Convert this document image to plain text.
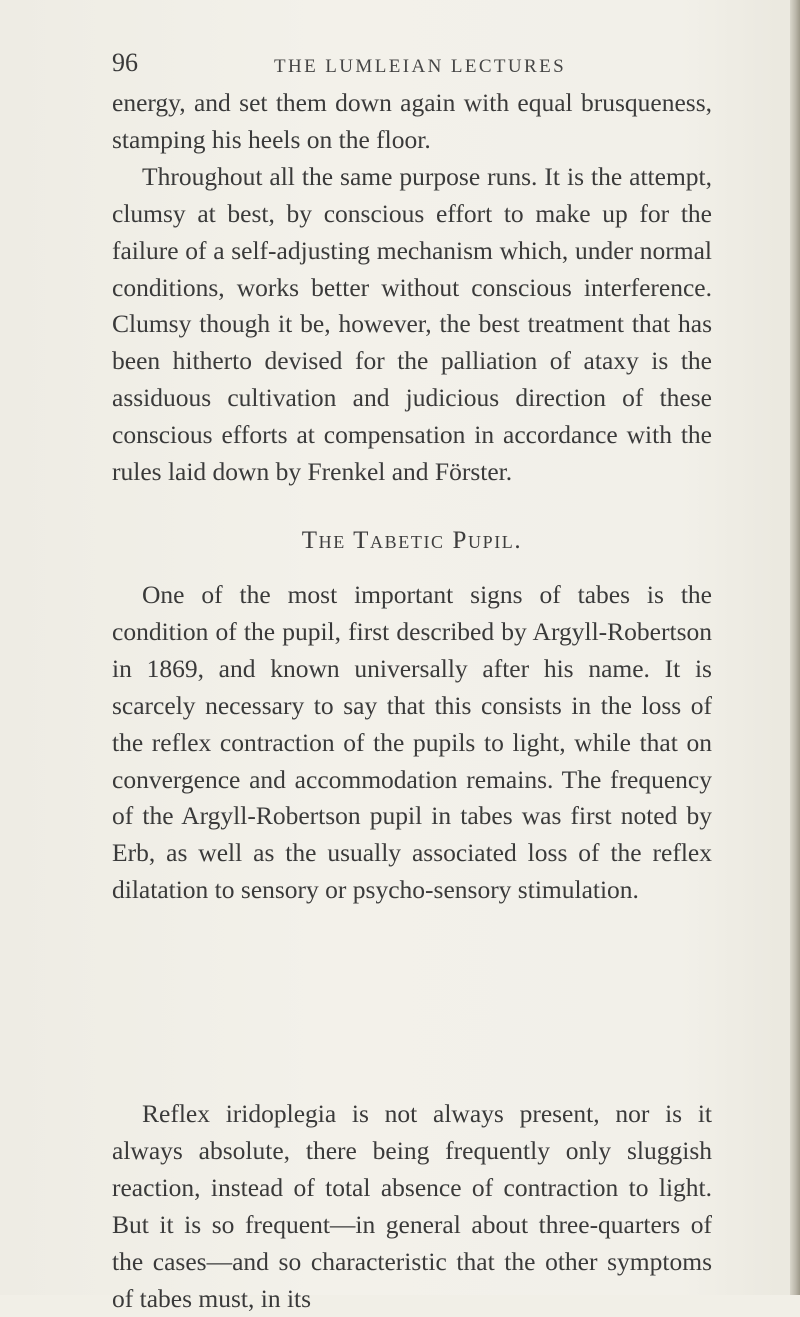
96	THE LUMLEIAN LECTURES

energy, and set them down again with equal brusqueness, stamping his heels on the floor.

Throughout all the same purpose runs. It is the attempt, clumsy at best, by conscious effort to make up for the failure of a self-adjusting mechanism which, under normal conditions, works better without conscious interference. Clumsy though it be, however, the best treatment that has been hitherto devised for the palliation of ataxy is the assiduous cultivation and judicious direction of these conscious efforts at compensation in accordance with the rules laid down by Frenkel and Förster.

The Tabetic Pupil.

One of the most important signs of tabes is the condition of the pupil, first described by Argyll-Robertson in 1869, and known universally after his name. It is scarcely necessary to say that this consists in the loss of the reflex contraction of the pupils to light, while that on convergence and accommodation remains. The frequency of the Argyll-Robertson pupil in tabes was first noted by Erb, as well as the usually associated loss of the reflex dilatation to sensory or psycho-sensory stimulation.

Reflex iridoplegia is not always present, nor is it always absolute, there being frequently only sluggish reaction, instead of total absence of contraction to light. But it is so frequent—in general about three-quarters of the cases—and so characteristic that the other symptoms of tabes must, in its
